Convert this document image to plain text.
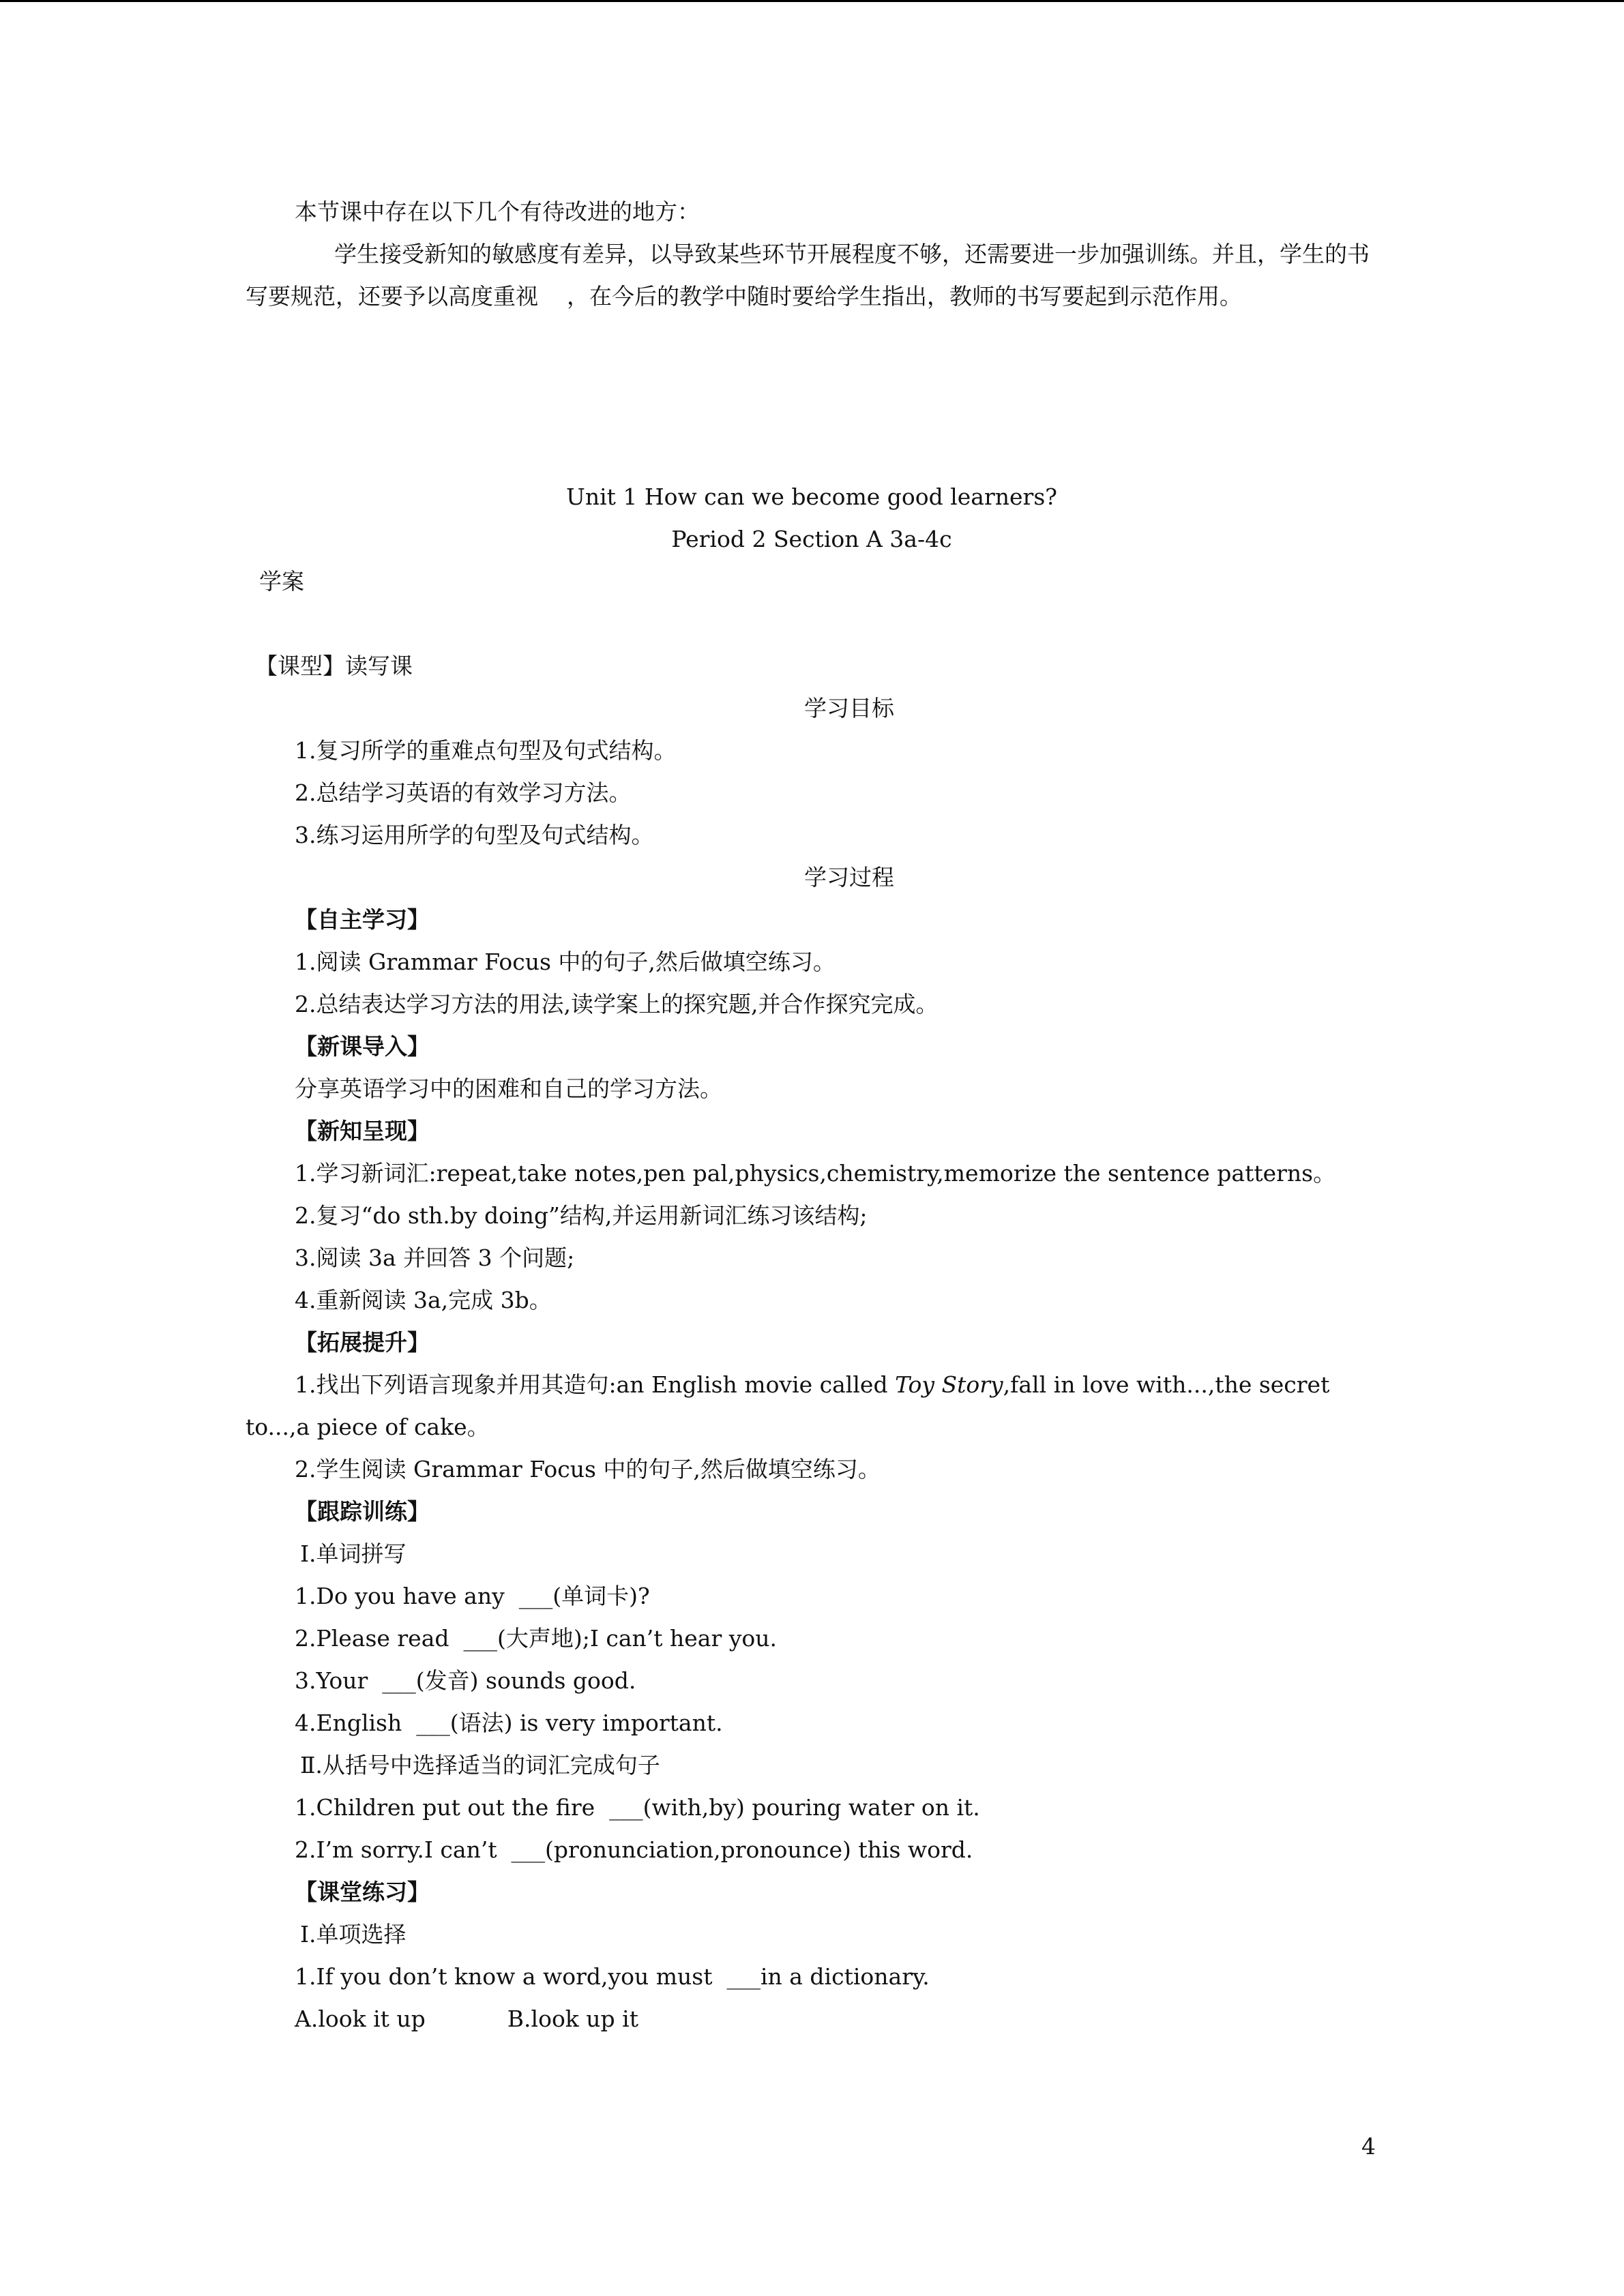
本节课中存在以下几个有待改进的地方：

学生接受新知的敏感度有差异，以导致某些环节开展程度不够，还需要进一步加强训练。并且，学生的书写要规范，还要予以高度重视    ，在今后的教学中随时要给学生指出，教师的书写要起到示范作用。

Unit 1 How can we become good learners?

Period 2 Section A 3a-4c

学案

【课型】读写课

学习目标

1.复习所学的重难点句型及句式结构。

2.总结学习英语的有效学习方法。

3.练习运用所学的句型及句式结构。

学习过程

【自主学习】

1.阅读 Grammar Focus 中的句子,然后做填空练习。

2.总结表达学习方法的用法,读学案上的探究题,并合作探究完成。

【新课导入】

分享英语学习中的困难和自己的学习方法。

【新知呈现】

1.学习新词汇:repeat,take notes,pen pal,physics,chemistry,memorize the sentence patterns。

2.复习“do sth.by doing”结构,并运用新词汇练习该结构;

3.阅读 3a 并回答 3 个问题;

4.重新阅读 3a,完成 3b。

【拓展提升】

1.找出下列语言现象并用其造句:an English movie called Toy Story,fall in love with...,the secret to...,a piece of cake。

2.学生阅读 Grammar Focus 中的句子,然后做填空练习。

【跟踪训练】

Ⅰ.单词拼写

1.Do you have any  ___(单词卡)?

2.Please read  ___(大声地);I can’t hear you.

3.Your  ___(发音) sounds good.

4.English  ___(语法) is very important.

Ⅱ.从括号中选择适当的词汇完成句子

1.Children put out the fire  ___(with,by) pouring water on it.

2.I’m sorry.I can’t  ___(pronunciation,pronounce) this word.

【课堂练习】

Ⅰ.单项选择

1.If you don’t know a word,you must  ___in a dictionary.

A.look it up	B.look up it

4
